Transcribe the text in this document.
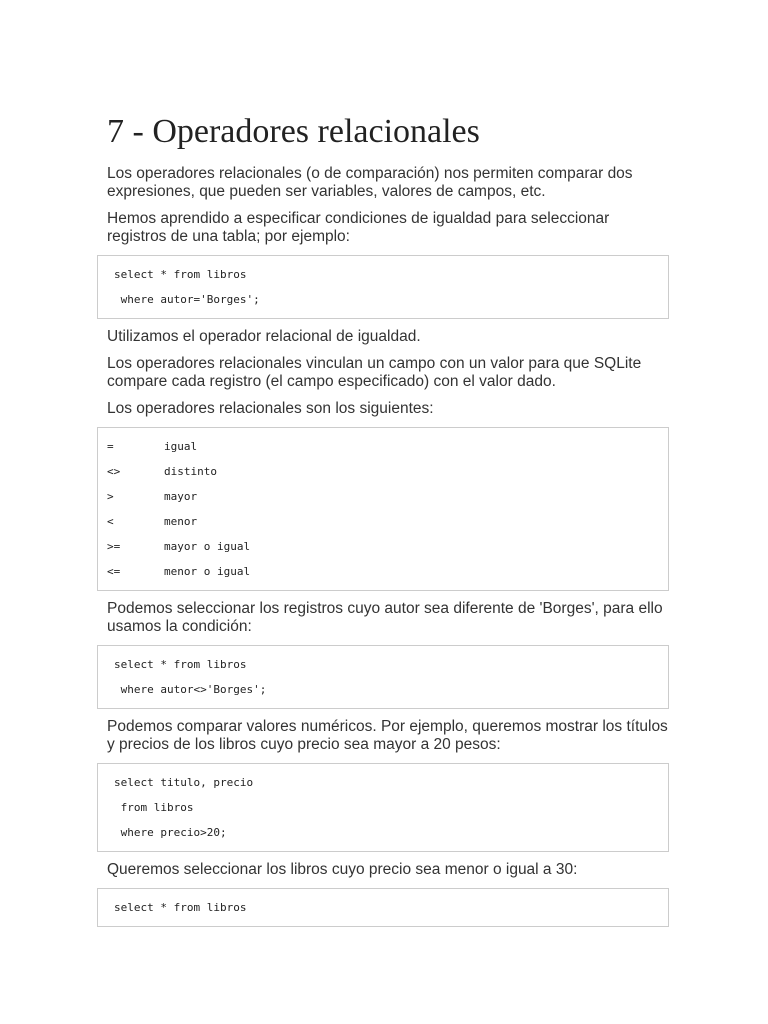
7 - Operadores relacionales

Los operadores relacionales (o de comparación) nos permiten comparar dos expresiones, que pueden ser variables, valores de campos, etc.

Hemos aprendido a especificar condiciones de igualdad para seleccionar registros de una tabla; por ejemplo:

select * from libros
where autor='Borges';

Utilizamos el operador relacional de igualdad.

Los operadores relacionales vinculan un campo con un valor para que SQLite compare cada registro (el campo especificado) con el valor dado.

Los operadores relacionales son los siguientes:

=	igual
<>	distinto
>	mayor
<	menor
>=	mayor o igual
<=	menor o igual

Podemos seleccionar los registros cuyo autor sea diferente de 'Borges', para ello usamos la condición:

select * from libros
where autor<>'Borges';

Podemos comparar valores numéricos. Por ejemplo, queremos mostrar los títulos y precios de los libros cuyo precio sea mayor a 20 pesos:

select titulo, precio
from libros
where precio>20;

Queremos seleccionar los libros cuyo precio sea menor o igual a 30:

select * from libros
